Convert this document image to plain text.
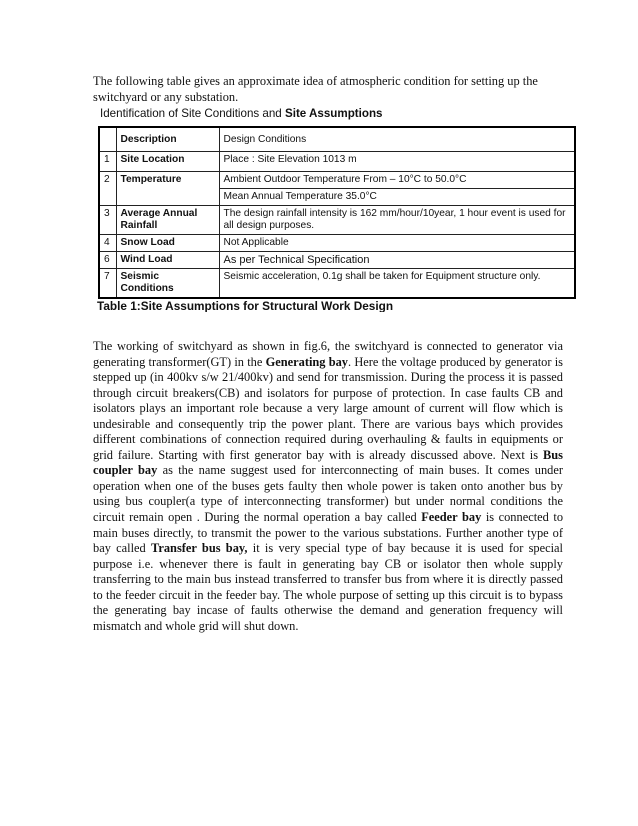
The following table gives an approximate idea of atmospheric condition for setting up the switchyard or any substation.
Identification of Site Conditions and Site Assumptions
	Description	Design Conditions
1	Site Location	Place : Site Elevation 1013 m
2	Temperature	Ambient Outdoor Temperature From – 10°C to 50.0°C
		Mean Annual Temperature 35.0°C
3	Average Annual Rainfall	The design rainfall intensity is 162 mm/hour/10year, 1 hour event is used for all design purposes.
4	Snow Load	Not Applicable
6	Wind Load	As per Technical Specification
7	Seismic Conditions	Seismic acceleration, 0.1g shall be taken for Equipment structure only.
Table 1:Site Assumptions for Structural Work Design
The working of switchyard as shown in fig.6, the switchyard is connected to generator via generating transformer(GT) in the Generating bay. Here the voltage produced by generator is stepped up (in 400kv s/w 21/400kv) and send for transmission. During the process it is passed through circuit breakers(CB) and isolators for purpose of protection. In case faults CB and isolators plays an important role because a very large amount of current will flow which is undesirable and consequently trip the power plant. There are various bays which provides different combinations of connection required during overhauling & faults in equipments or grid failure. Starting with first generator bay with is already discussed above. Next is Bus coupler bay as the name suggest used for interconnecting of main buses. It comes under operation when one of the buses gets faulty then whole power is taken onto another bus by using bus coupler(a type of interconnecting transformer) but under normal conditions the circuit remain open . During the normal operation a bay called Feeder bay is connected to main buses directly, to transmit the power to the various substations. Further another type of bay called Transfer bus bay, it is very special type of bay because it is used for special purpose i.e. whenever there is fault in generating bay CB or isolator then whole supply transferring to the main bus instead transferred to transfer bus from where it is directly passed to the feeder circuit in the feeder bay. The whole purpose of setting up this circuit is to bypass the generating bay incase of faults otherwise the demand and generation frequency will mismatch and whole grid will shut down.
